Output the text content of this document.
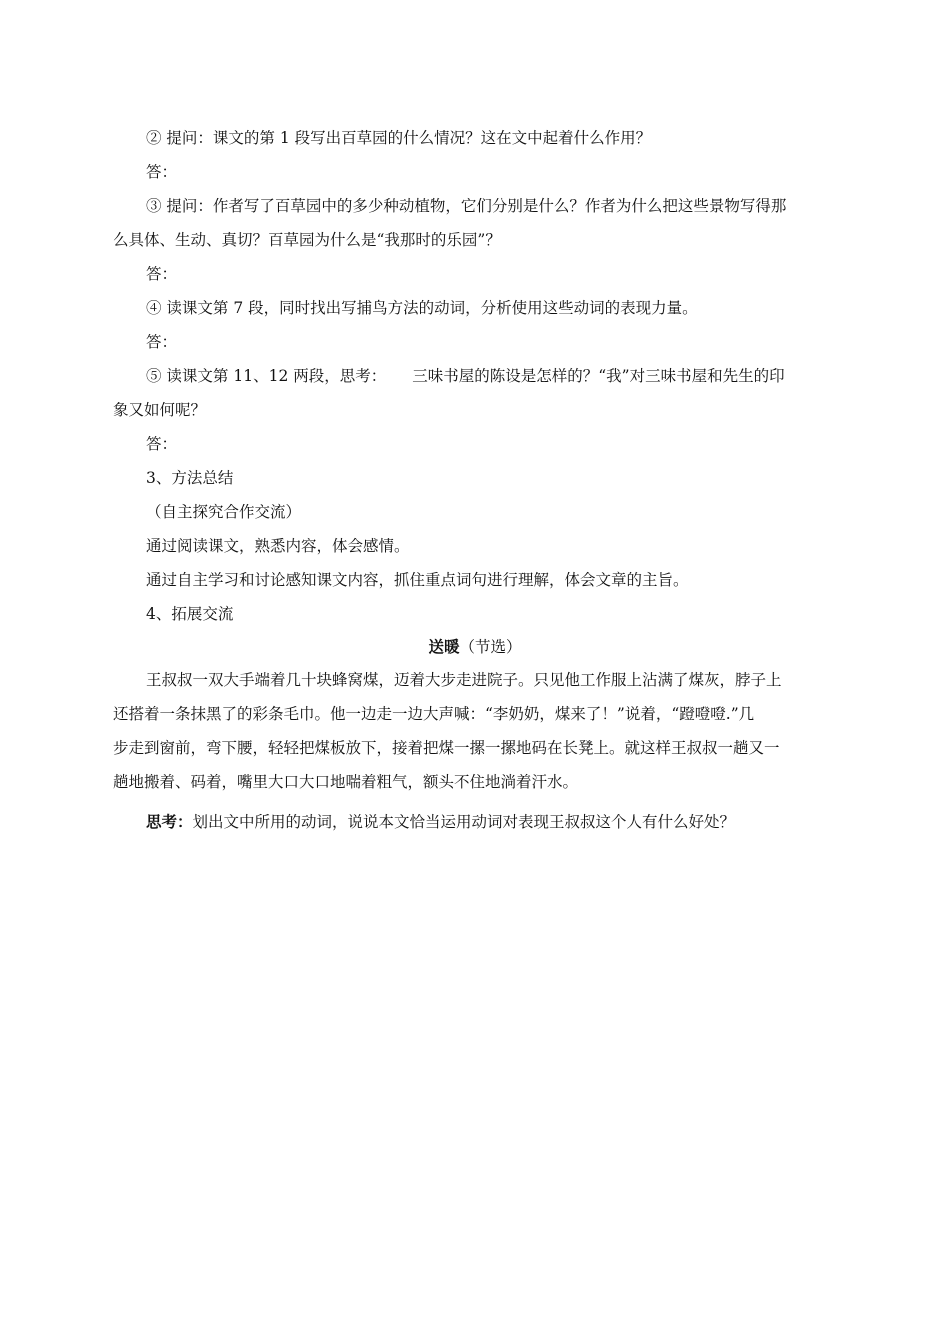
② 提问：课文的第 1 段写出百草园的什么情况？这在文中起着什么作用？
答：
③ 提问：作者写了百草园中的多少种动植物，它们分别是什么？作者为什么把这些景物写得那
么具体、生动、真切？百草园为什么是“我那时的乐园”？
答：
④ 读课文第 7 段，同时找出写捕鸟方法的动词，分析使用这些动词的表现力量。
答：
⑤ 读课文第 11、12 两段，思考： 三味书屋的陈设是怎样的？“我”对三味书屋和先生的印
象又如何呢？
答：
3、方法总结
（自主探究合作交流）
通过阅读课文，熟悉内容，体会感情。
通过自主学习和讨论感知课文内容，抓住重点词句进行理解，体会文章的主旨。
4、拓展交流
送暖（节选）
王叔叔一双大手端着几十块蜂窝煤，迈着大步走进院子。只见他工作服上沾满了煤灰，脖子上
还搭着一条抹黑了的彩条毛巾。他一边走一边大声喊：“李奶奶，煤来了！”说着，“蹬噔噔.”几
步走到窗前，弯下腰，轻轻把煤板放下，接着把煤一摞一摞地码在长凳上。就这样王叔叔一趟又一
趟地搬着、码着，嘴里大口大口地喘着粗气，额头不住地淌着汗水。
思考：划出文中所用的动词，说说本文恰当运用动词对表现王叔叔这个人有什么好处？
